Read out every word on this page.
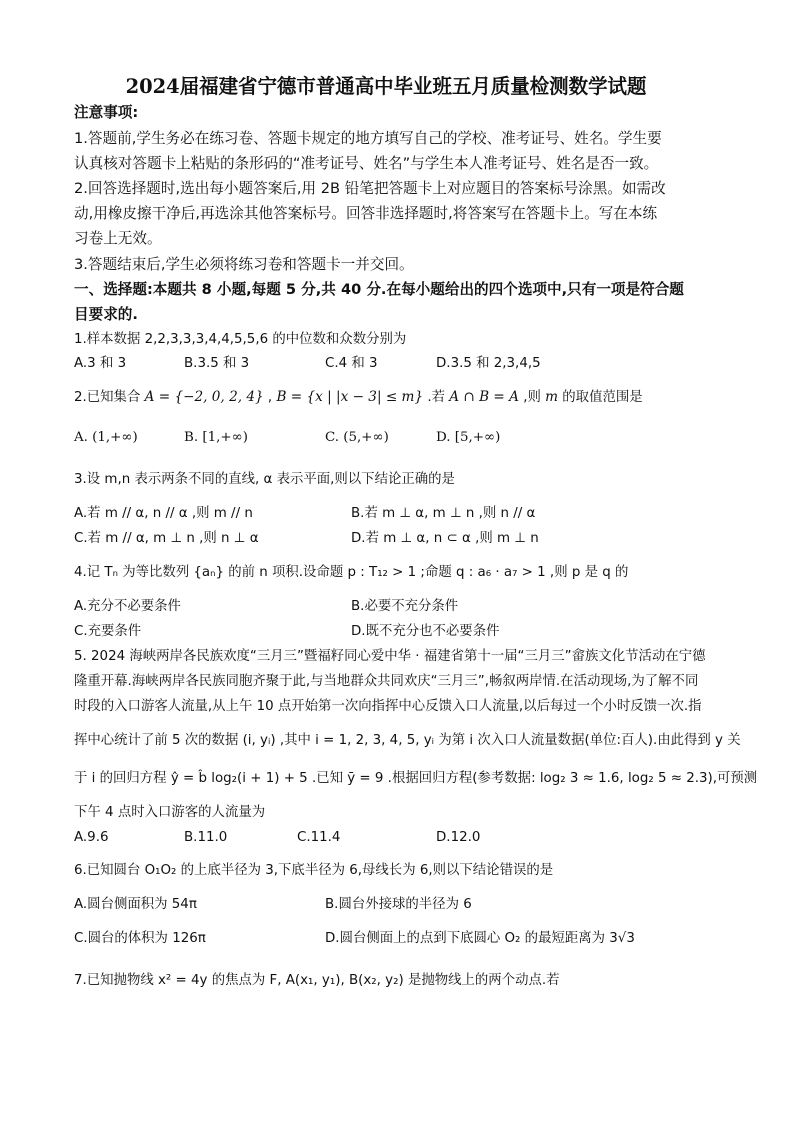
2024届福建省宁德市普通高中毕业班五月质量检测数学试题
注意事项:
1.答题前,学生务必在练习卷、答题卡规定的地方填写自己的学校、准考证号、姓名。学生要
认真核对答题卡上粘贴的条形码的“准考证号、姓名”与学生本人准考证号、姓名是否一致。
2.回答选择题时,选出每小题答案后,用 2B 铅笔把答题卡上对应题目的答案标号涂黑。如需改
动,用橡皮擦干净后,再选涂其他答案标号。回答非选择题时,将答案写在答题卡上。写在本练
习卷上无效。
3.答题结束后,学生必须将练习卷和答题卡一并交回。
一、选择题:本题共 8 小题,每题 5 分,共 40 分.在每小题给出的四个选项中,只有一项是符合题
目要求的.
1.样本数据 2,2,3,3,3,4,4,5,5,6 的中位数和众数分别为
A.3 和 3	B.3.5 和 3	C.4 和 3	D.3.5 和 2,3,4,5
2.已知集合 A = {−2, 0, 2, 4} , B = {x | |x − 3| ≤ m} .若 A ∩ B = A ,则 m 的取值范围是
A. (1,+∞)	B. [1,+∞)	C. (5,+∞)	D. [5,+∞)
3.设 m,n 表示两条不同的直线, α 表示平面,则以下结论正确的是
A.若 m // α, n // α ,则 m // n	B.若 m ⊥ α, m ⊥ n ,则 n // α
C.若 m // α, m ⊥ n ,则 n ⊥ α	D.若 m ⊥ α, n ⊂ α ,则 m ⊥ n
4.记 Tₙ 为等比数列 {aₙ} 的前 n 项积.设命题 p : T₁₂ > 1 ;命题 q : a₆ · a₇ > 1 ,则 p 是 q 的
A.充分不必要条件	B.必要不充分条件
C.充要条件	D.既不充分也不必要条件
5. 2024 海峡两岸各民族欢度“三月三”暨福籽同心爱中华 · 福建省第十一届“三月三”畲族文化节活动在宁德
隆重开幕.海峡两岸各民族同胞齐聚于此,与当地群众共同欢庆“三月三”,畅叙两岸情.在活动现场,为了解不同
时段的入口游客人流量,从上午 10 点开始第一次向指挥中心反馈入口人流量,以后每过一个小时反馈一次.指
挥中心统计了前 5 次的数据 (i, yᵢ) ,其中 i = 1, 2, 3, 4, 5, yᵢ 为第 i 次入口人流量数据(单位:百人).由此得到 y 关
于 i 的回归方程 ŷ = b̂ log₂(i + 1) + 5 .已知 ȳ = 9 .根据回归方程(参考数据: log₂ 3 ≈ 1.6, log₂ 5 ≈ 2.3),可预测
下午 4 点时入口游客的人流量为
A.9.6	B.11.0	C.11.4	D.12.0
6.已知圆台 O₁O₂ 的上底半径为 3,下底半径为 6,母线长为 6,则以下结论错误的是
A.圆台侧面积为 54π	B.圆台外接球的半径为 6
C.圆台的体积为 126π	D.圆台侧面上的点到下底圆心 O₂ 的最短距离为 3√3
7.已知抛物线 x² = 4y 的焦点为 F, A(x₁, y₁), B(x₂, y₂) 是抛物线上的两个动点.若
